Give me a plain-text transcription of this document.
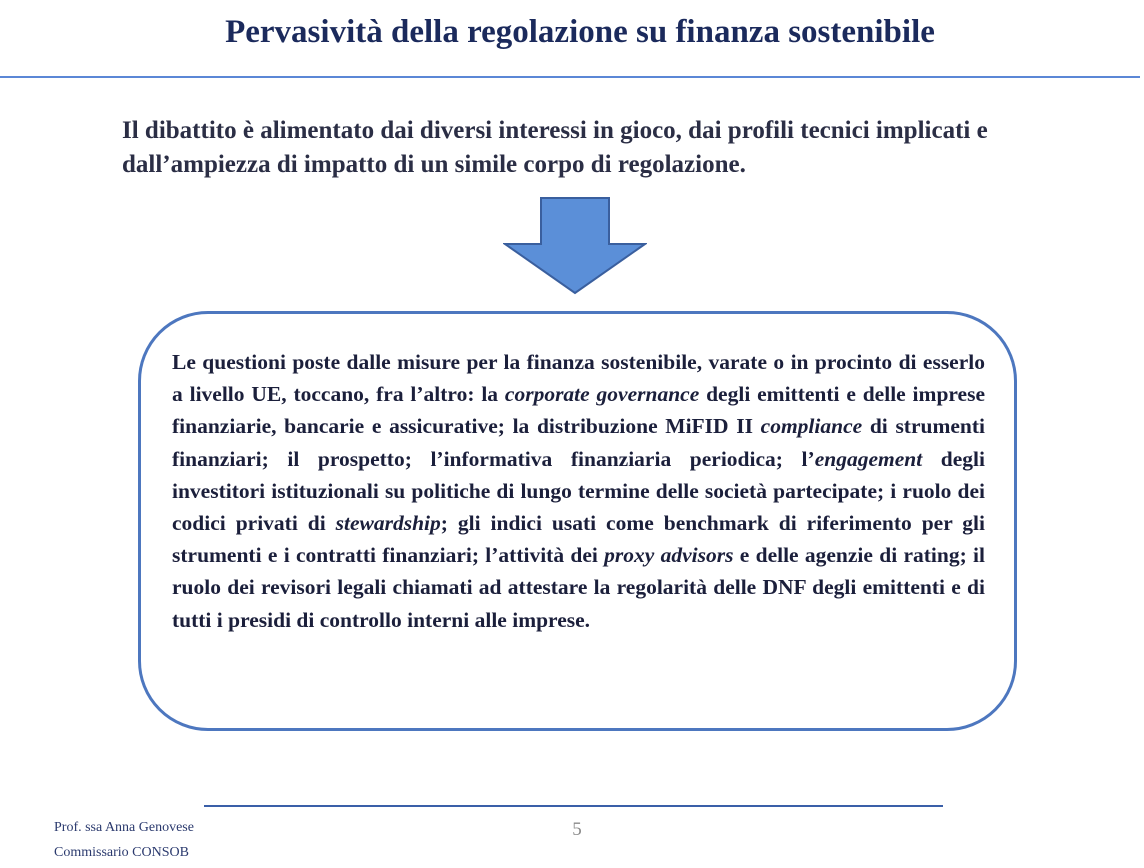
Pervasività della regolazione su finanza sostenibile

Il dibattito è alimentato dai diversi interessi in gioco, dai profili tecnici implicati e dall’ampiezza di impatto di un simile corpo di regolazione.

Le questioni poste dalle misure per la finanza sostenibile, varate o in procinto di esserlo a livello UE, toccano, fra l’altro: la corporate governance degli emittenti e delle imprese finanziarie, bancarie e assicurative; la distribuzione MiFID II compliance di strumenti finanziari; il prospetto; l’informativa finanziaria periodica; l’engagement degli investitori istituzionali su politiche di lungo termine delle società partecipate; i ruolo dei codici privati di stewardship; gli indici usati come benchmark di riferimento per gli strumenti e i contratti finanziari; l’attività dei proxy advisors e delle agenzie di rating; il ruolo dei revisori legali chiamati ad attestare la regolarità delle DNF degli emittenti e di tutti i presidi di controllo interni alle imprese.

5
Prof. ssa Anna Genovese
Commissario CONSOB
